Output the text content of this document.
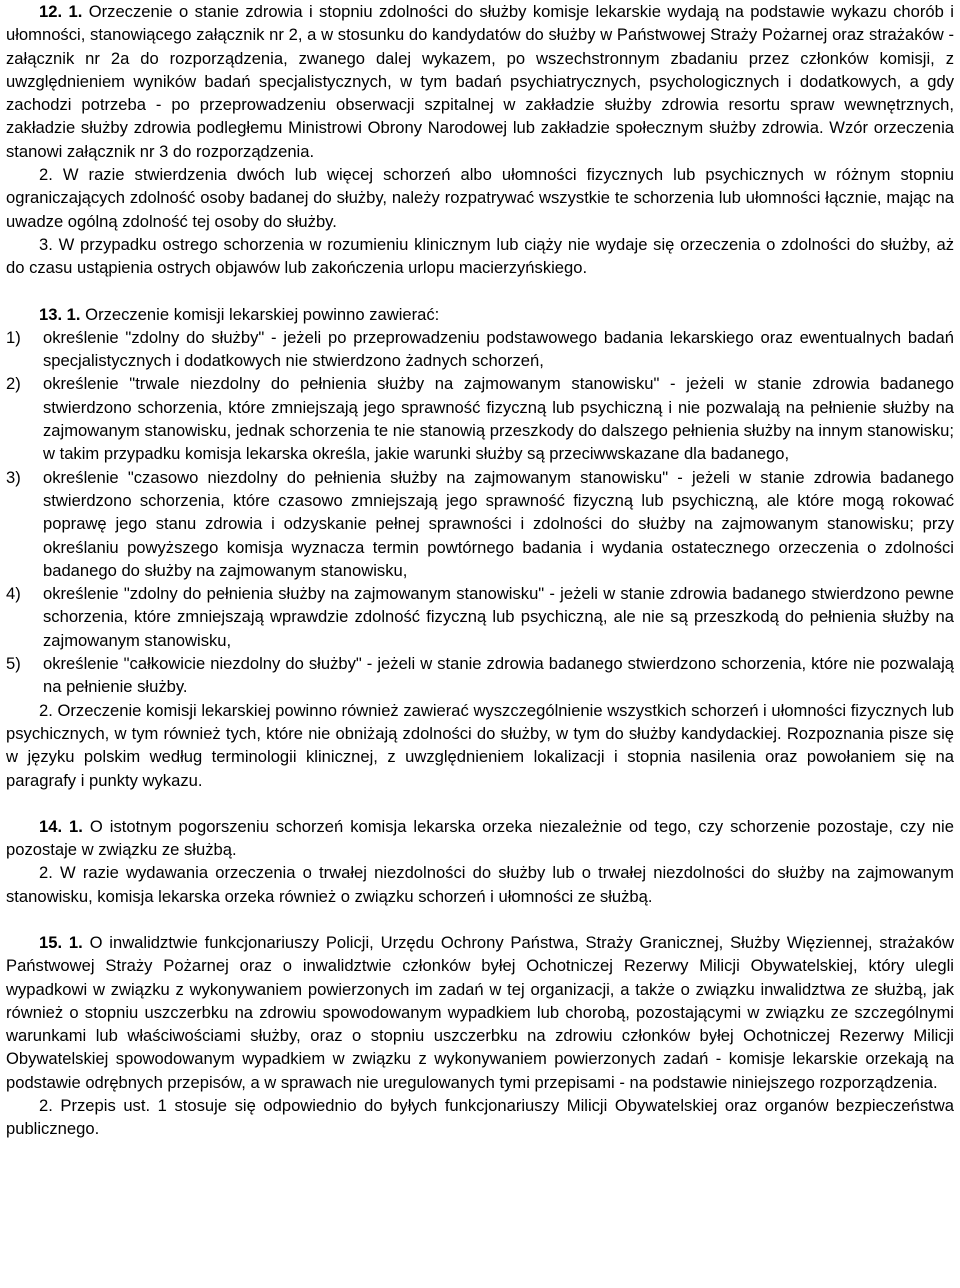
12. 1. Orzeczenie o stanie zdrowia i stopniu zdolności do służby komisje lekarskie wydają na podstawie wykazu chorób i ułomności, stanowiącego załącznik nr 2, a w stosunku do kandydatów do służby w Państwowej Straży Pożarnej oraz strażaków - załącznik nr 2a do rozporządzenia, zwanego dalej wykazem, po wszechstronnym zbadaniu przez członków komisji, z uwzględnieniem wyników badań specjalistycznych, w tym badań psychiatrycznych, psychologicznych i dodatkowych, a gdy zachodzi potrzeba - po przeprowadzeniu obserwacji szpitalnej w zakładzie służby zdrowia resortu spraw wewnętrznych, zakładzie służby zdrowia podległemu Ministrowi Obrony Narodowej lub zakładzie społecznym służby zdrowia. Wzór orzeczenia stanowi załącznik nr 3 do rozporządzenia.

2. W razie stwierdzenia dwóch lub więcej schorzeń albo ułomności fizycznych lub psychicznych w różnym stopniu ograniczających zdolność osoby badanej do służby, należy rozpatrywać wszystkie te schorzenia lub ułomności łącznie, mając na uwadze ogólną zdolność tej osoby do służby.

3. W przypadku ostrego schorzenia w rozumieniu klinicznym lub ciąży nie wydaje się orzeczenia o zdolności do służby, aż do czasu ustąpienia ostrych objawów lub zakończenia urlopu macierzyńskiego.

13. 1. Orzeczenie komisji lekarskiej powinno zawierać:

1)	określenie "zdolny do służby" - jeżeli po przeprowadzeniu podstawowego badania lekarskiego oraz ewentualnych badań specjalistycznych i dodatkowych nie stwierdzono żadnych schorzeń,
2)	określenie "trwale niezdolny do pełnienia służby na zajmowanym stanowisku" - jeżeli w stanie zdrowia badanego stwierdzono schorzenia, które zmniejszają jego sprawność fizyczną lub psychiczną i nie pozwalają na pełnienie służby na zajmowanym stanowisku, jednak schorzenia te nie stanowią przeszkody do dalszego pełnienia służby na innym stanowisku; w takim przypadku komisja lekarska określa, jakie warunki służby są przeciwwskazane dla badanego,
3)	określenie "czasowo niezdolny do pełnienia służby na zajmowanym stanowisku" - jeżeli w stanie zdrowia badanego stwierdzono schorzenia, które czasowo zmniejszają jego sprawność fizyczną lub psychiczną, ale które mogą rokować poprawę jego stanu zdrowia i odzyskanie pełnej sprawności i zdolności do służby na zajmowanym stanowisku; przy określaniu powyższego komisja wyznacza termin powtórnego badania i wydania ostatecznego orzeczenia o zdolności badanego do służby na zajmowanym stanowisku,
4)	określenie "zdolny do pełnienia służby na zajmowanym stanowisku" - jeżeli w stanie zdrowia badanego stwierdzono pewne schorzenia, które zmniejszają wprawdzie zdolność fizyczną lub psychiczną, ale nie są przeszkodą do pełnienia służby na zajmowanym stanowisku,
5)	określenie "całkowicie niezdolny do służby" - jeżeli w stanie zdrowia badanego stwierdzono schorzenia, które nie pozwalają na pełnienie służby.

2. Orzeczenie komisji lekarskiej powinno również zawierać wyszczególnienie wszystkich schorzeń i ułomności fizycznych lub psychicznych, w tym również tych, które nie obniżają zdolności do służby, w tym do służby kandydackiej. Rozpoznania pisze się w języku polskim według terminologii klinicznej, z uwzględnieniem lokalizacji i stopnia nasilenia oraz powołaniem się na paragrafy i punkty wykazu.

14. 1. O istotnym pogorszeniu schorzeń komisja lekarska orzeka niezależnie od tego, czy schorzenie pozostaje, czy nie pozostaje w związku ze służbą.

2. W razie wydawania orzeczenia o trwałej niezdolności do służby lub o trwałej niezdolności do służby na zajmowanym stanowisku, komisja lekarska orzeka również o związku schorzeń i ułomności ze służbą.

15. 1. O inwalidztwie funkcjonariuszy Policji, Urzędu Ochrony Państwa, Straży Granicznej, Służby Więziennej, strażaków Państwowej Straży Pożarnej oraz o inwalidztwie członków byłej Ochotniczej Rezerwy Milicji Obywatelskiej, który ulegli wypadkowi w związku z wykonywaniem powierzonych im zadań w tej organizacji, a także o związku inwalidztwa ze służbą, jak również o stopniu uszczerbku na zdrowiu spowodowanym wypadkiem lub chorobą, pozostającymi w związku ze szczególnymi warunkami lub właściwościami służby, oraz o stopniu uszczerbku na zdrowiu członków byłej Ochotniczej Rezerwy Milicji Obywatelskiej spowodowanym wypadkiem w związku z wykonywaniem powierzonych zadań - komisje lekarskie orzekają na podstawie odrębnych przepisów, a w sprawach nie uregulowanych tymi przepisami - na podstawie niniejszego rozporządzenia.

2. Przepis ust. 1 stosuje się odpowiednio do byłych funkcjonariuszy Milicji Obywatelskiej oraz organów bezpieczeństwa publicznego.
